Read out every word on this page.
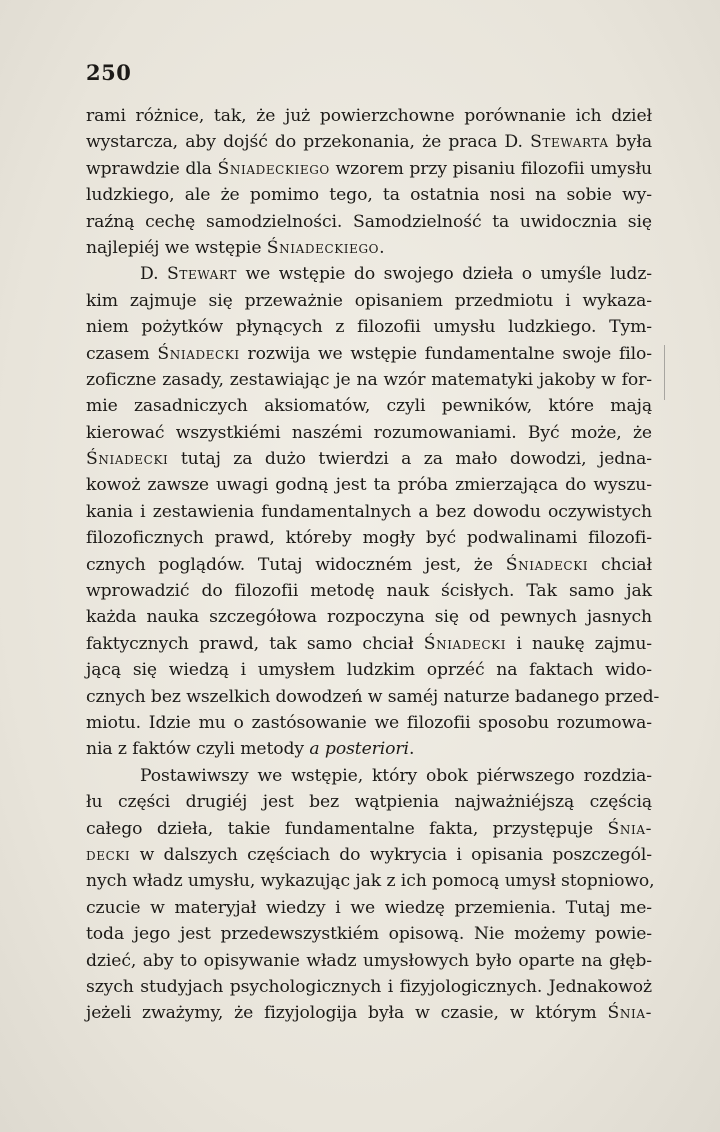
250
rami różnice, tak, że już powierzchowne porównanie ich dzieł
wystarcza, aby dojść do przekonania, że praca D. Stewarta była
wprawdzie dla Śniadeckiego wzorem przy pisaniu filozofii umysłu
ludzkiego, ale że pomimo tego, ta ostatnia nosi na sobie wy-
raźną cechę samodzielności. Samodzielność ta uwidocznia się
najlepiéj we wstępie Śniadeckiego.
D. Stewart we wstępie do swojego dzieła o umyśle ludz-
kim zajmuje się przeważnie opisaniem przedmiotu i wykaza-
niem pożytków płynących z filozofii umysłu ludzkiego. Tym-
czasem Śniadecki rozwija we wstępie fundamentalne swoje filo-
zoficzne zasady, zestawiając je na wzór matematyki jakoby w for-
mie zasadniczych aksiomatów, czyli pewników, które mają
kierować wszystkiémi naszémi rozumowaniami. Być może, że
Śniadecki tutaj za dużo twierdzi a za mało dowodzi, jedna-
kowoż zawsze uwagi godną jest ta próba zmierzająca do wyszu-
kania i zestawienia fundamentalnych a bez dowodu oczywistych
filozoficznych prawd, któreby mogły być podwalinami filozofi-
cznych poglądów. Tutaj widoczném jest, że Śniadecki chciał
wprowadzić do filozofii metodę nauk ścisłych. Tak samo jak
każda nauka szczegółowa rozpoczyna się od pewnych jasnych
faktycznych prawd, tak samo chciał Śniadecki i naukę zajmu-
jącą się wiedzą i umysłem ludzkim oprzéć na faktach wido-
cznych bez wszelkich dowodzeń w saméj naturze badanego przed-
miotu. Idzie mu o zastósowanie we filozofii sposobu rozumowa-
nia z faktów czyli metody a posteriori.
Postawiwszy we wstępie, który obok piérwszego rozdzia-
łu części drugiéj jest bez wątpienia najważniéjszą częścią
całego dzieła, takie fundamentalne fakta, przystępuje Śnia-
decki w dalszych częściach do wykrycia i opisania poszczegól-
nych władz umysłu, wykazując jak z ich pomocą umysł stopniowo,
czucie w materyjał wiedzy i we wiedzę przemienia. Tutaj me-
toda jego jest przedewszystkiém opisową. Nie możemy powie-
dzieć, aby to opisywanie władz umysłowych było oparte na głęb-
szych studyjach psychologicznych i fizyjologicznych. Jednakowoż
jeżeli zważymy, że fizyjologija była w czasie, w którym Śnia-
